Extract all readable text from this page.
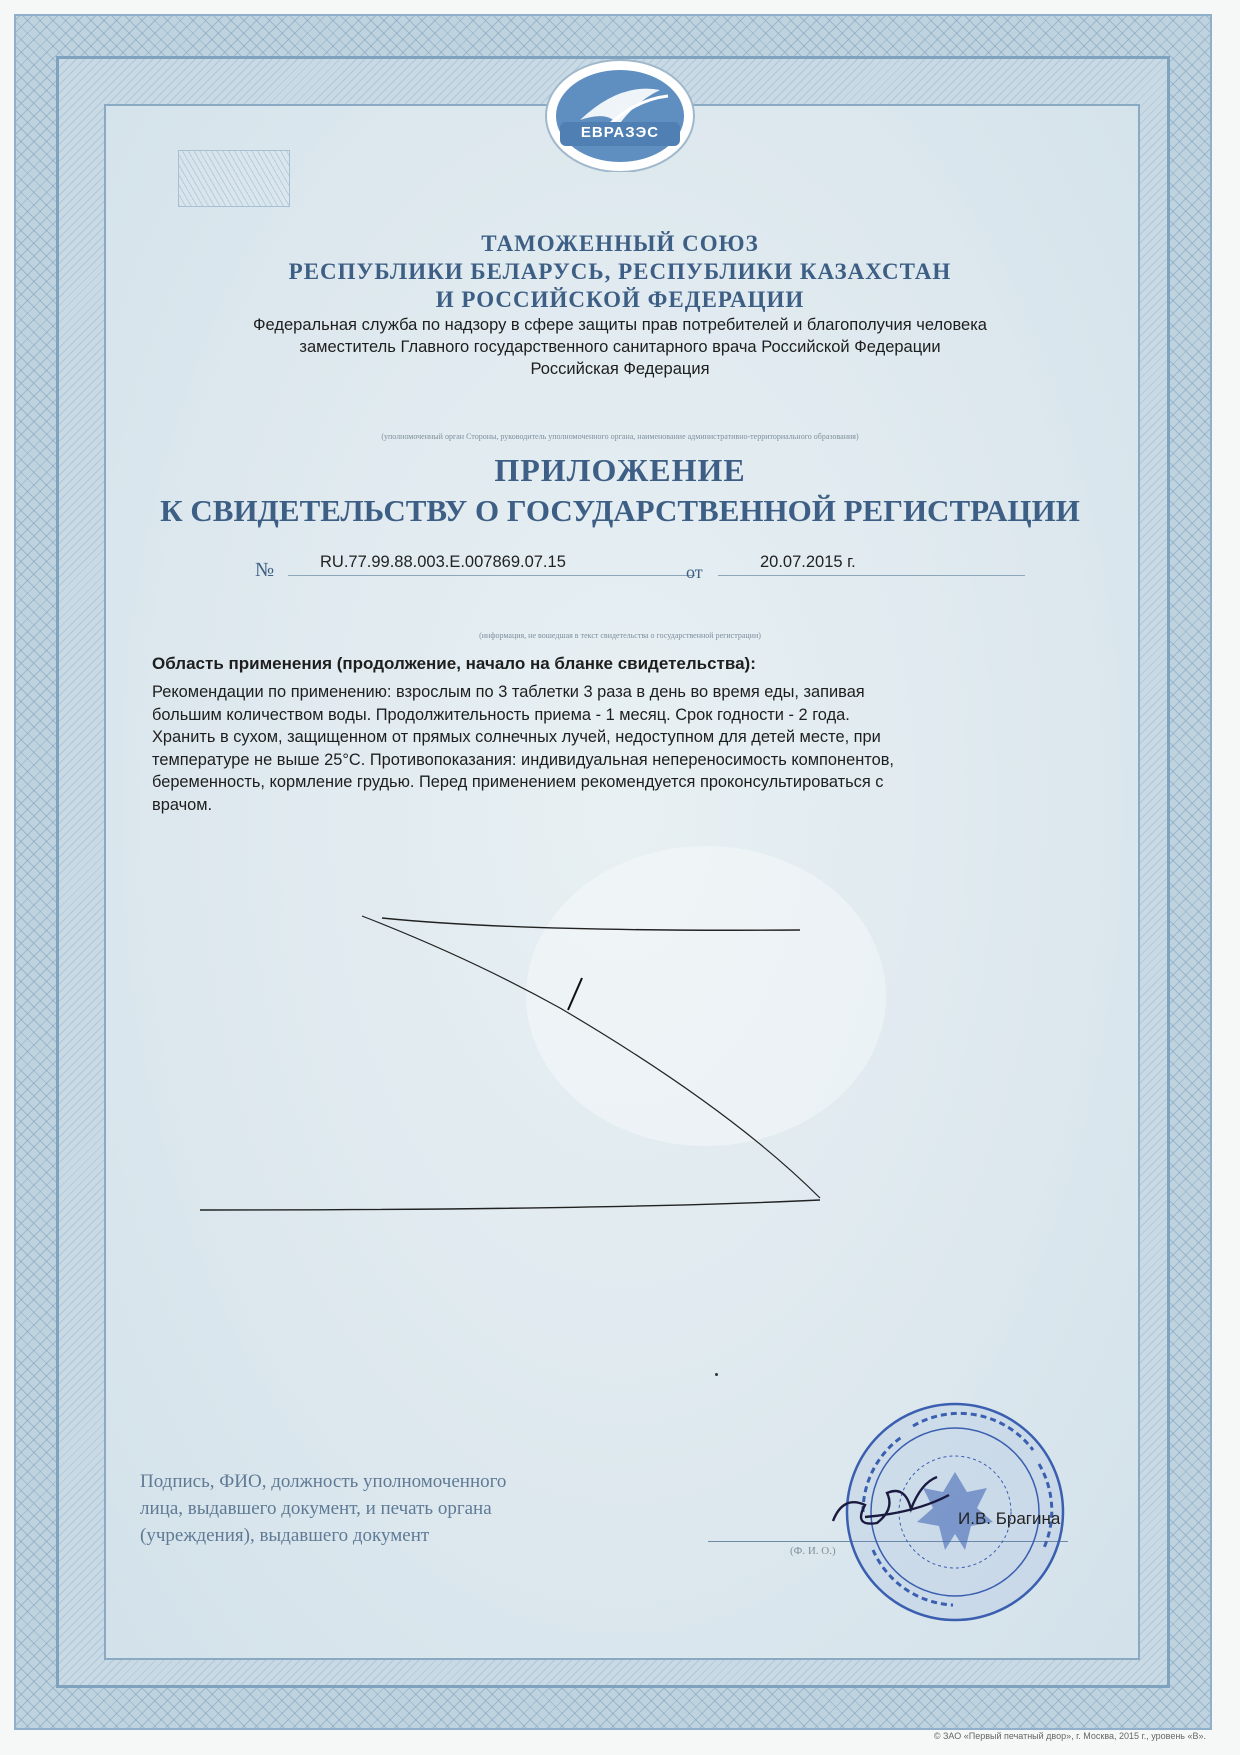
ЕВРАЗЭС
ТАМОЖЕННЫЙ СОЮЗ
РЕСПУБЛИКИ БЕЛАРУСЬ, РЕСПУБЛИКИ КАЗАХСТАН
И РОССИЙСКОЙ ФЕДЕРАЦИИ
Федеральная служба по надзору в сфере защиты прав потребителей и благополучия человека
заместитель Главного государственного санитарного врача Российской Федерации
Российская Федерация
(уполномоченный орган Стороны, руководитель уполномоченного органа, наименование административно-территориального образования)
ПРИЛОЖЕНИЕ
К СВИДЕТЕЛЬСТВУ О ГОСУДАРСТВЕННОЙ РЕГИСТРАЦИИ
№	RU.77.99.88.003.E.007869.07.15	от	20.07.2015 г.
(информация, не вошедшая в текст свидетельства о государственной регистрации)
Область применения (продолжение, начало на бланке свидетельства):
Рекомендации по применению: взрослым по 3 таблетки 3 раза в день во время еды, запивая
большим количеством воды. Продолжительность приема - 1 месяц. Срок годности - 2 года.
Хранить в сухом, защищенном от прямых солнечных лучей, недоступном для детей месте, при
температуре не выше 25°С. Противопоказания: индивидуальная непереносимость компонентов,
беременность, кормление грудью. Перед применением рекомендуется проконсультироваться с
врачом.
Подпись, ФИО, должность уполномоченного
лица, выдавшего документ, и печать органа
(учреждения), выдавшего документ
(Ф. И. О.)
И.В. Брагина
© ЗАО «Первый печатный двор», г. Москва, 2015 г., уровень «В».
